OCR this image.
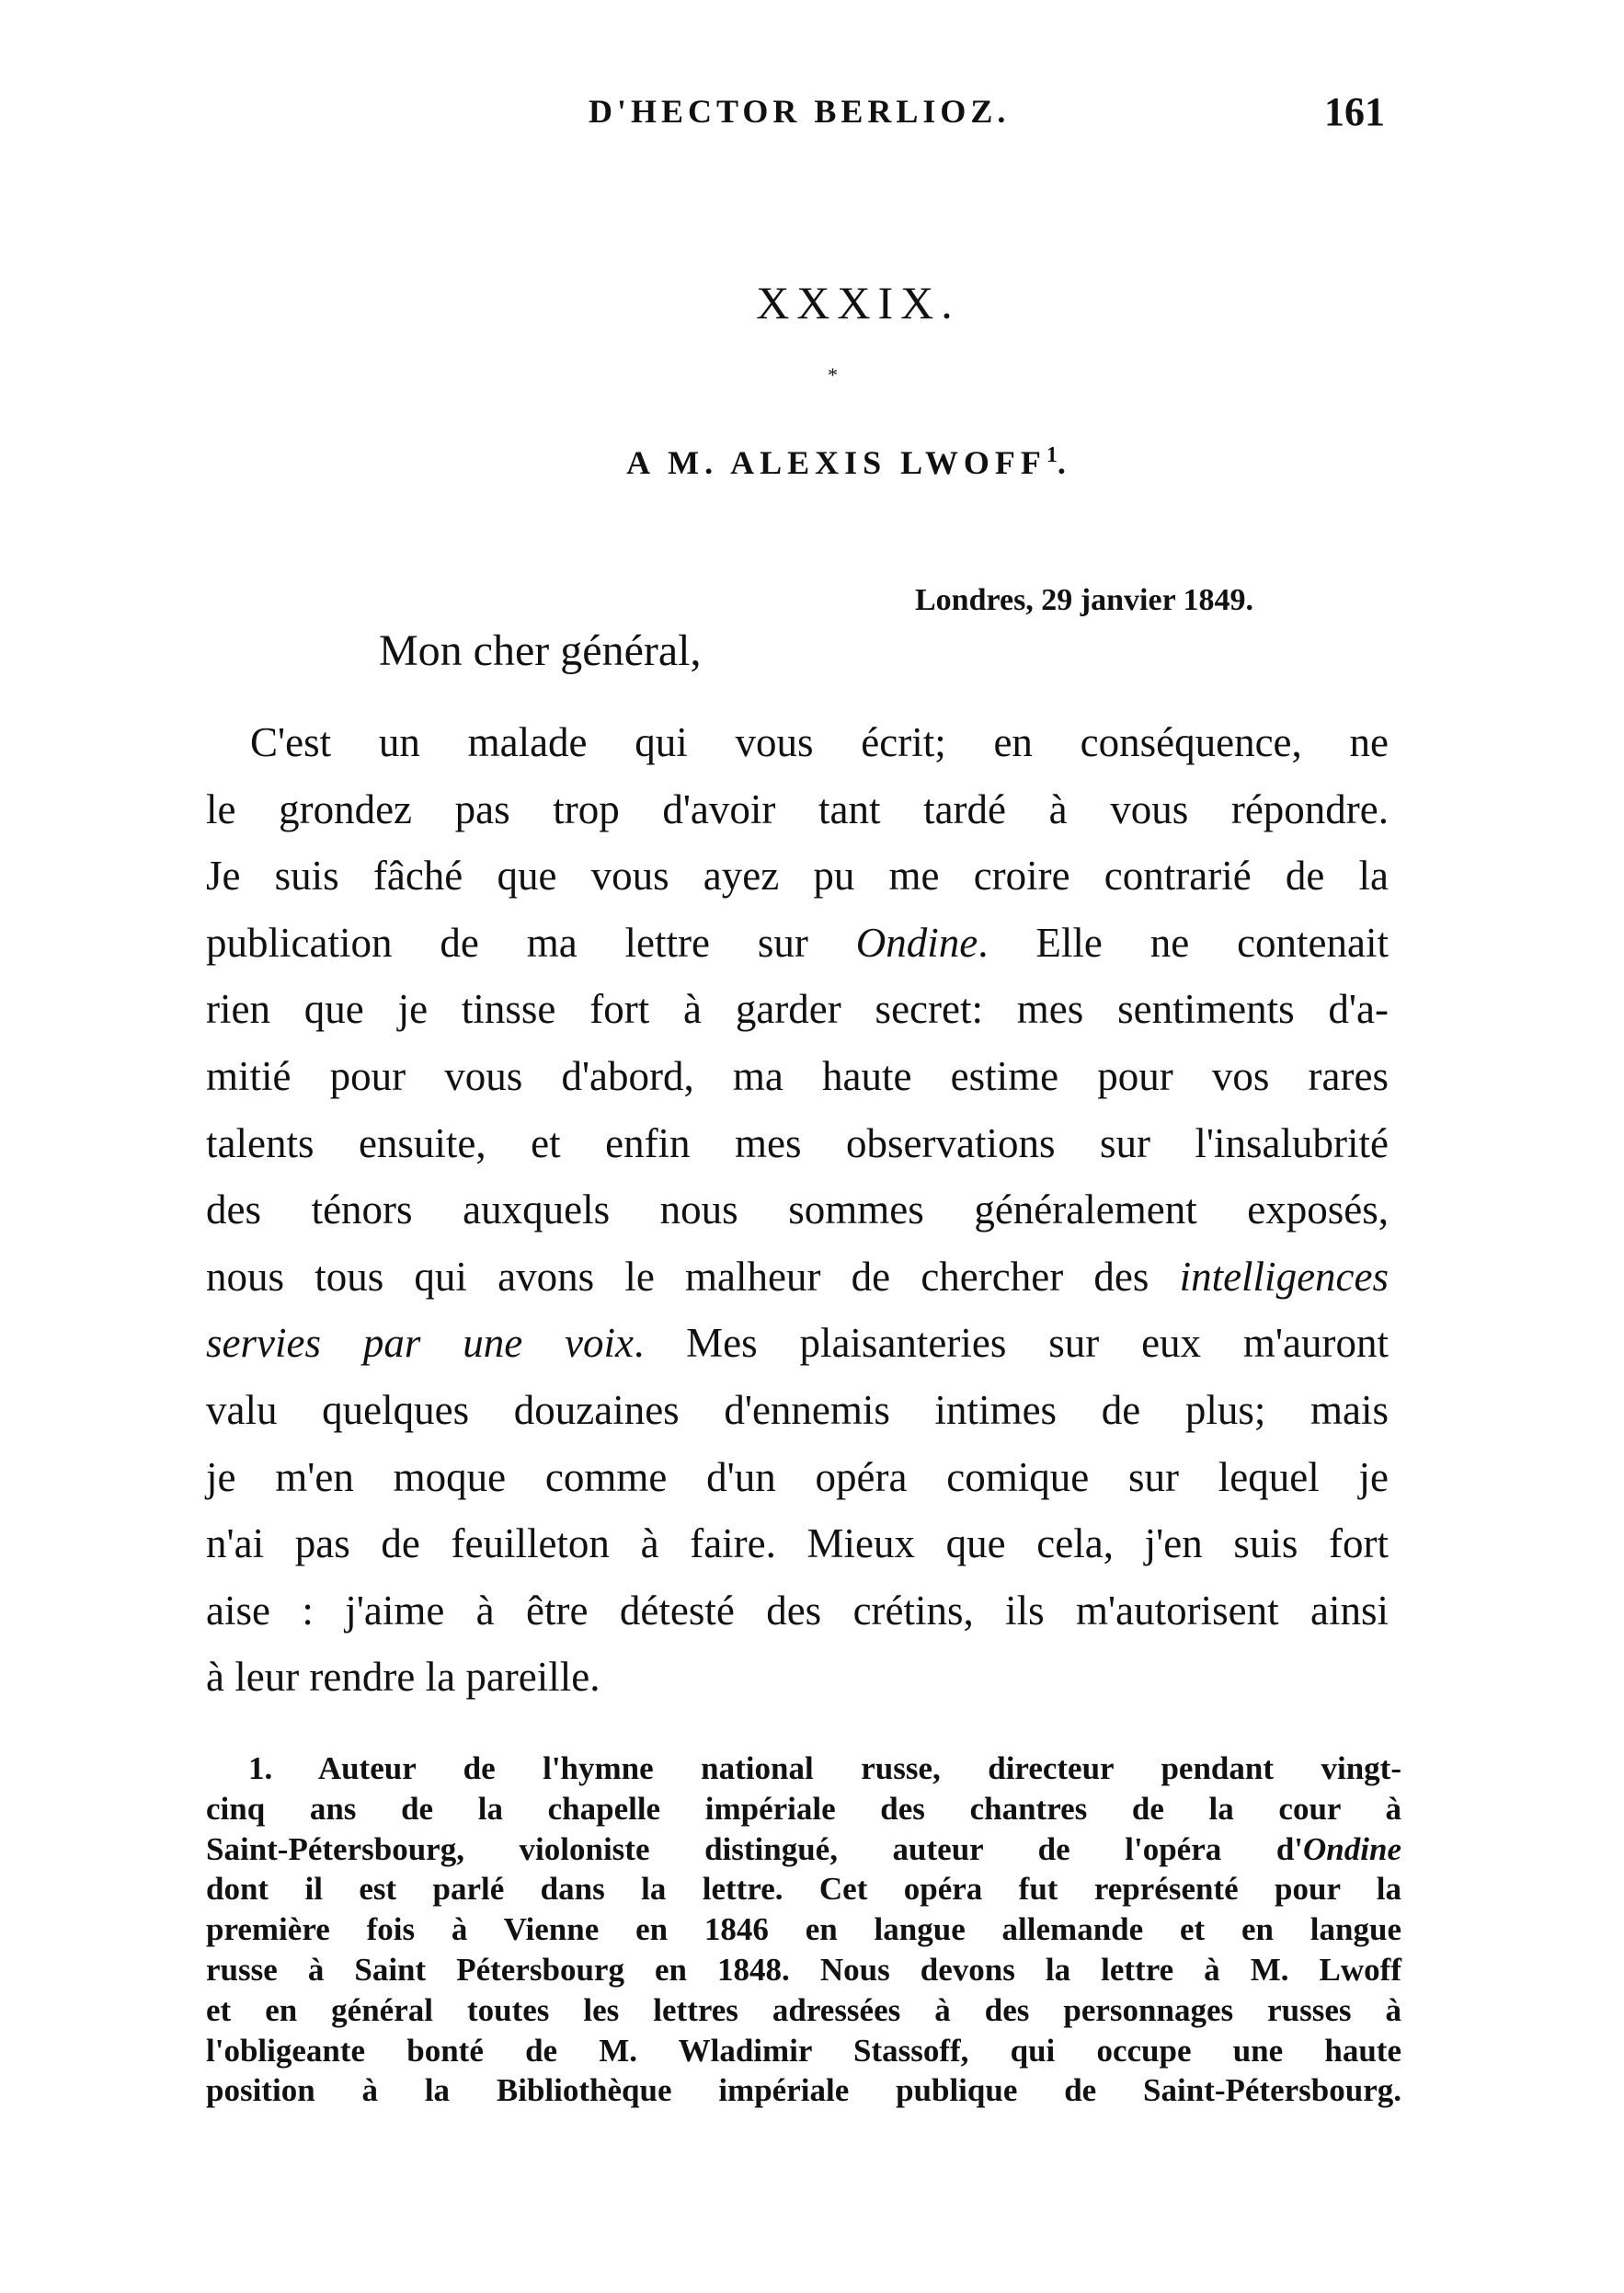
D'HECTOR BERLIOZ.	161
XXXIX.
*
A M. ALEXIS LWOFF$^1$.
Londres, 29 janvier 1849.
Mon cher général,
C'est un malade qui vous écrit; en conséquence, ne
le grondez pas trop d'avoir tant tardé à vous répondre.
Je suis fâché que vous ayez pu me croire contrarié de la
publication de ma lettre sur Ondine. Elle ne contenait
rien que je tinsse fort à garder secret: mes sentiments d'a-
mitié pour vous d'abord, ma haute estime pour vos rares
talents ensuite, et enfin mes observations sur l'insalubrité
des ténors auxquels nous sommes généralement exposés,
nous tous qui avons le malheur de chercher des intelligences
servies par une voix. Mes plaisanteries sur eux m'auront
valu quelques douzaines d'ennemis intimes de plus; mais
je m'en moque comme d'un opéra comique sur lequel je
n'ai pas de feuilleton à faire. Mieux que cela, j'en suis fort
aise : j'aime à être détesté des crétins, ils m'autorisent ainsi
à leur rendre la pareille.
1. Auteur de l'hymne national russe, directeur pendant vingt-
cinq ans de la chapelle impériale des chantres de la cour à
Saint-Pétersbourg, violoniste distingué, auteur de l'opéra d'Ondine
dont il est parlé dans la lettre. Cet opéra fut représenté pour la
première fois à Vienne en 1846 en langue allemande et en langue
russe à Saint Pétersbourg en 1848. Nous devons la lettre à M. Lwoff
et en général toutes les lettres adressées à des personnages russes à
l'obligeante bonté de M. Wladimir Stassoff, qui occupe une haute
position à la Bibliothèque impériale publique de Saint-Pétersbourg.
